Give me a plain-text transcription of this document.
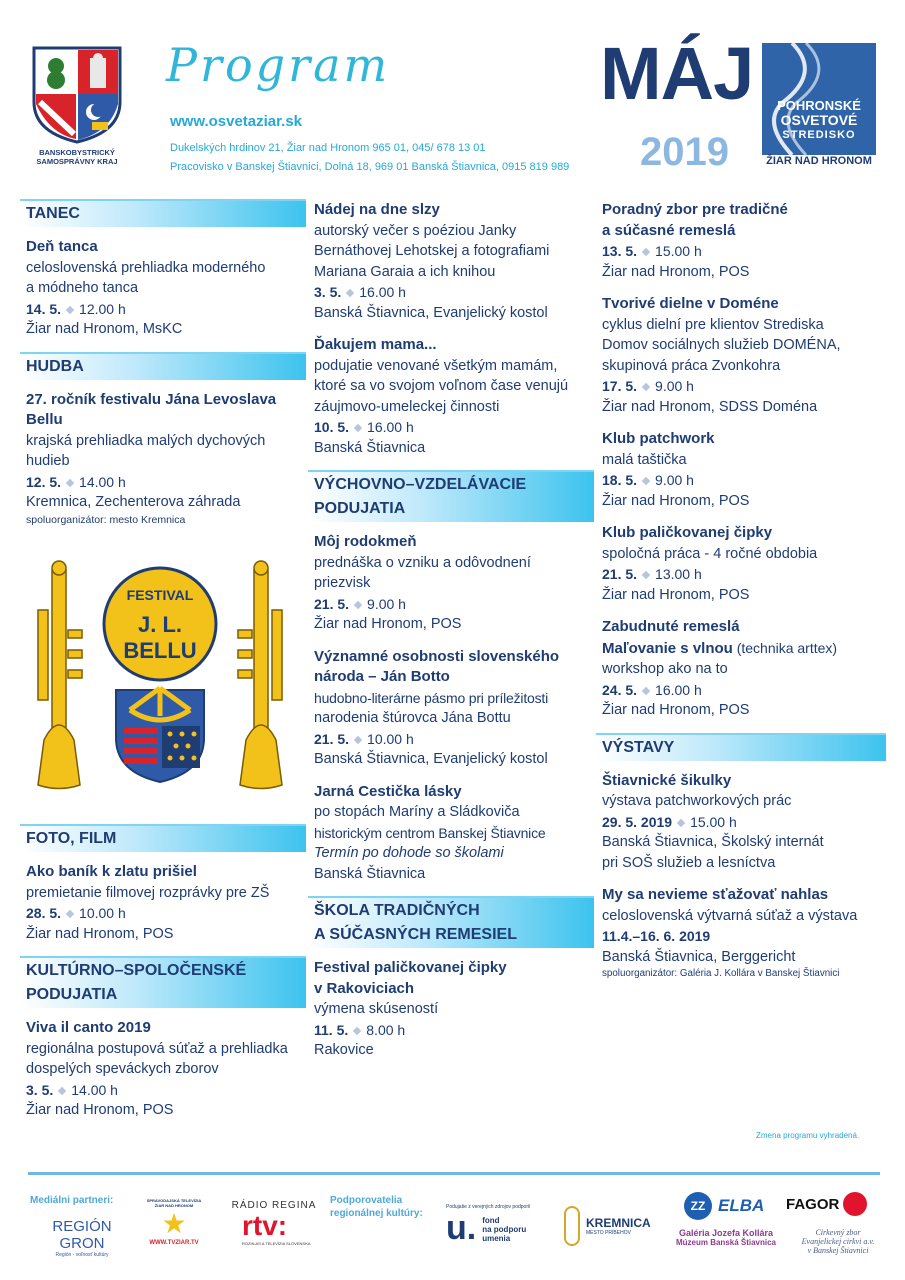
BANSKOBYSTRICKÝ
SAMOSPRÁVNY KRAJ
Program
www.osvetaziar.sk
Dukelských hrdinov 21, Žiar nad Hronom 965 01, 045/ 678 13 01
Pracovisko v Banskej Štiavnici, Dolná 18, 969 01 Banská Štiavnica, 0915 819 989
MÁJ
2019
POHRONSKÉ
OSVETOVÉ
STREDISKO
ŽIAR NAD HRONOM
TANEC
Deň tanca
celoslovenská prehliadka moderného
a módneho tanca
14. 5. 12.00 h
Žiar nad Hronom, MsKC
HUDBA
27. ročník festivalu Jána Levoslava
Bellu
krajská prehliadka malých dychových
hudieb
12. 5. 14.00 h
Kremnica, Zechenterova záhrada
spoluorganizátor: mesto Kremnica
FESTIVAL
J. L.
BELLU
FOTO, FILM
Ako baník k zlatu prišiel
premietanie filmovej rozprávky pre ZŠ
28. 5. 10.00 h
Žiar nad Hronom, POS
KULTÚRNO–SPOLOČENSKÉ
PODUJATIA
Viva il canto 2019
regionálna postupová súťaž a prehliadka
dospelých speváckych zborov
3. 5. 14.00 h
Žiar nad Hronom, POS
Nádej na dne slzy
autorský večer s poéziou Janky
Bernáthovej Lehotskej a fotografiami
Mariana Garaia a ich knihou
3. 5. 16.00 h
Banská Štiavnica, Evanjelický kostol
Ďakujem mama...
podujatie venované všetkým mamám,
ktoré sa vo svojom voľnom čase venujú
záujmovo-umeleckej činnosti
10. 5. 16.00 h
Banská Štiavnica
VÝCHOVNO–VZDELÁVACIE
PODUJATIA
Môj rodokmeň
prednáška o vzniku a odôvodnení
priezvisk
21. 5. 9.00 h
Žiar nad Hronom, POS
Významné osobnosti slovenského
národa – Ján Botto
hudobno-literárne pásmo pri príležitosti
narodenia štúrovca Jána Bottu
21. 5. 10.00 h
Banská Štiavnica, Evanjelický kostol
Jarná Cestička lásky
po stopách Maríny a Sládkoviča
historickým centrom Banskej Štiavnice
Termín po dohode so školami
Banská Štiavnica
ŠKOLA TRADIČNÝCH
A SÚČASNÝCH REMESIEL
Festival paličkovanej čipky
v Rakoviciach
výmena skúseností
11. 5. 8.00 h
Rakovice
Poradný zbor pre tradičné
a súčasné remeslá
13. 5. 15.00 h
Žiar nad Hronom, POS
Tvorivé dielne v Doméne
cyklus dielní pre klientov Strediska
Domov sociálnych služieb DOMÉNA,
skupinová práca Zvonkohra
17. 5. 9.00 h
Žiar nad Hronom, SDSS Doména
Klub patchwork
malá taštička
18. 5. 9.00 h
Žiar nad Hronom, POS
Klub paličkovanej čipky
spoločná práca - 4 ročné obdobia
21. 5. 13.00 h
Žiar nad Hronom, POS
Zabudnuté remeslá
Maľovanie s vlnou (technika arttex)
workshop ako na to
24. 5. 16.00 h
Žiar nad Hronom, POS
VÝSTAVY
Štiavnické šikulky
výstava patchworkových prác
29. 5. 2019 15.00 h
Banská Štiavnica, Školský internát
pri SOŠ služieb a lesníctva
My sa nevieme sťažovať nahlas
celoslovenská výtvarná súťaž a výstava
11.4.–16. 6. 2019
Banská Štiavnica, Berggericht
spoluorganizátor: Galéria J. Kollára v Banskej Štiavnici
Zmena programu vyhradená.
Mediálni partneri:	Podporovatelia
regionálnej kultúry:
REGIÓN GRON
Región - voľnosť kultúry
SPRAVODAJSKÁ TELEVÍZIA ŽIAR NAD HRONOM
★
WWW.TVZIAR.TV
RÁDIO REGINA
rtv:
ROZHLAS A TELEVÍZIA SLOVENSKA
Podujatie z verejných zdrojov podporil
u. fond
na podporu
umenia
KREMNICA
MESTO PRÍBEHOV
ZZ ELBA FAGOR
Galéria Jozefa Kollára
Múzeum Banská Štiavnica
Cirkevný zbor
Evanjelickej cirkvi a.v.
v Banskej Štiavnici
